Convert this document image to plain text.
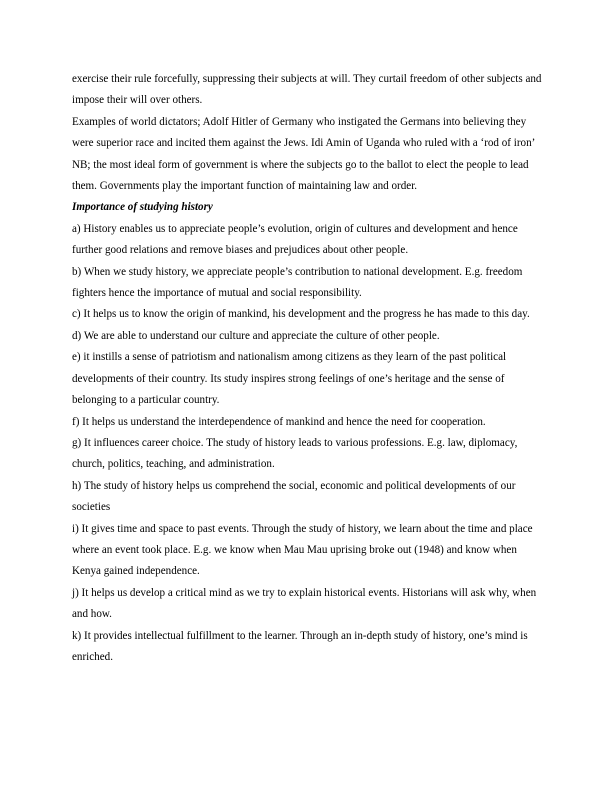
exercise their rule forcefully, suppressing their subjects at will. They curtail freedom of other subjects and impose their will over others.

Examples of world dictators; Adolf Hitler of Germany who instigated the Germans into believing they were superior race and incited them against the Jews. Idi Amin of Uganda who ruled with a ‘rod of iron’

NB; the most ideal form of government is where the subjects go to the ballot to elect the people to lead them. Governments play the important function of maintaining law and order.

Importance of studying history

a) History enables us to appreciate people’s evolution, origin of cultures and development and hence further good relations and remove biases and prejudices about other people.

b) When we study history, we appreciate people’s contribution to national development. E.g. freedom fighters hence the importance of mutual and social responsibility.

c) It helps us to know the origin of mankind, his development and the progress he has made to this day.

d) We are able to understand our culture and appreciate the culture of other people.

e) it instills a sense of patriotism and nationalism among citizens as they learn of the past political developments of their country. Its study inspires strong feelings of one’s heritage and the sense of belonging to a particular country.

f) It helps us understand the interdependence of mankind and hence the need for cooperation.

g) It influences career choice. The study of history leads to various professions. E.g. law, diplomacy, church, politics, teaching, and administration.

h) The study of history helps us comprehend the social, economic and political developments of our societies

i) It gives time and space to past events. Through the study of history, we learn about the time and place where an event took place. E.g. we know when Mau Mau uprising broke out (1948) and know when Kenya gained independence.

j) It helps us develop a critical mind as we try to explain historical events. Historians will ask why, when and how.

k) It provides intellectual fulfillment to the learner. Through an in-depth study of history, one’s mind is enriched.
